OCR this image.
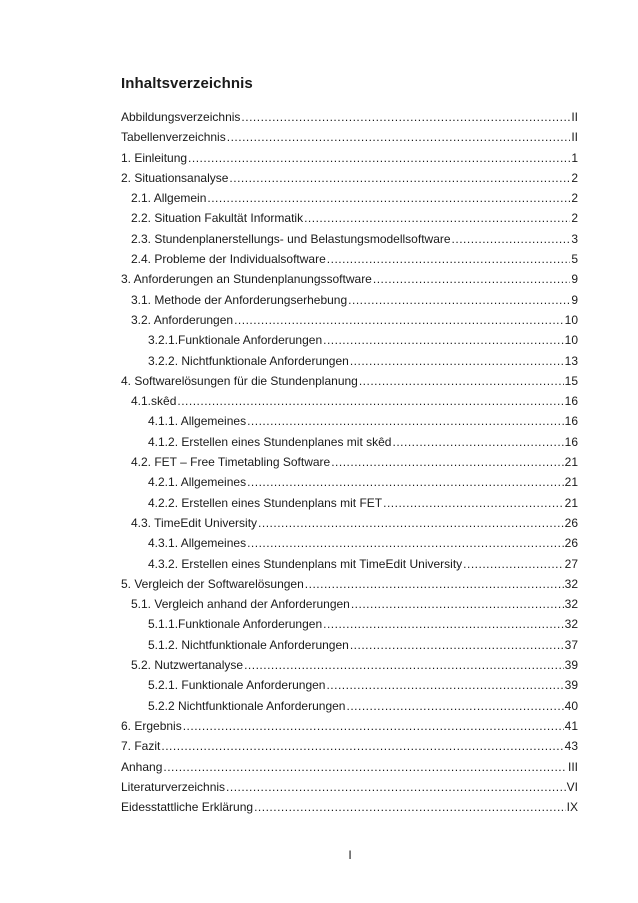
Inhaltsverzeichnis
Abbildungsverzeichnis .....	II
Tabellenverzeichnis .....	II
1. Einleitung .....	1
2. Situationsanalyse .....	2
2.1. Allgemein .....	2
2.2. Situation Fakultät Informatik .....	2
2.3. Stundenplanerstellungs- und Belastungsmodellsoftware .....	3
2.4. Probleme der Individualsoftware .....	5
3. Anforderungen an Stundenplanungssoftware .....	9
3.1. Methode der Anforderungserhebung .....	9
3.2. Anforderungen .....	10
3.2.1.Funktionale Anforderungen .....	10
3.2.2. Nichtfunktionale Anforderungen .....	13
4. Softwarelösungen für die Stundenplanung .....	15
4.1.skêd .....	16
4.1.1. Allgemeines .....	16
4.1.2. Erstellen eines Stundenplanes mit skêd .....	16
4.2. FET – Free Timetabling Software .....	21
4.2.1. Allgemeines .....	21
4.2.2. Erstellen eines Stundenplans mit FET .....	21
4.3. TimeEdit University .....	26
4.3.1. Allgemeines .....	26
4.3.2. Erstellen eines Stundenplans mit TimeEdit University .....	27
5. Vergleich der Softwarelösungen .....	32
5.1. Vergleich anhand der Anforderungen .....	32
5.1.1.Funktionale Anforderungen .....	32
5.1.2. Nichtfunktionale Anforderungen .....	37
5.2. Nutzwertanalyse .....	39
5.2.1. Funktionale Anforderungen .....	39
5.2.2 Nichtfunktionale Anforderungen .....	40
6. Ergebnis .....	41
7. Fazit .....	43
Anhang .....	III
Literaturverzeichnis .....	VI
Eidesstattliche Erklärung .....	IX
I
